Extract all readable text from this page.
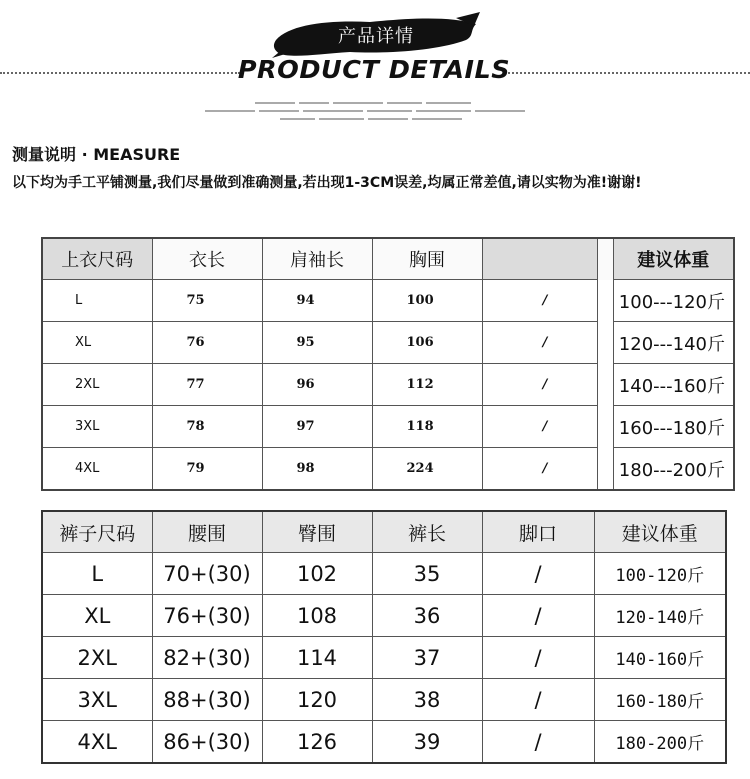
产品详情
PRODUCT DETAILS
测量说明 · MEASURE
以下均为手工平铺测量,我们尽量做到准确测量,若出现1-3CM误差,均属正常差值,请以实物为准!谢谢!
上衣尺码	衣长	肩袖长	胸围			建议体重
L	75	94	100	/		100---120斤
XL	76	95	106	/		120---140斤
2XL	77	96	112	/		140---160斤
3XL	78	97	118	/		160---180斤
4XL	79	98	224	/		180---200斤
裤子尺码	腰围	臀围	裤长	脚口	建议体重
L	70+(30)	102	35	/	100-120斤
XL	76+(30)	108	36	/	120-140斤
2XL	82+(30)	114	37	/	140-160斤
3XL	88+(30)	120	38	/	160-180斤
4XL	86+(30)	126	39	/	180-200斤
